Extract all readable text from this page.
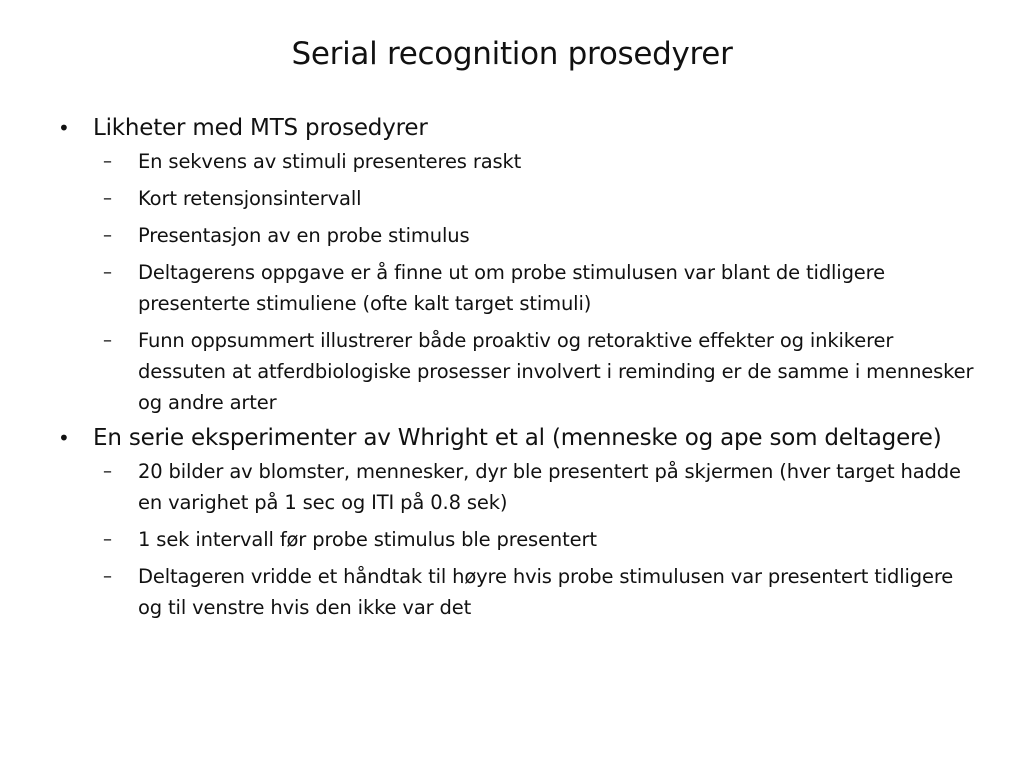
Serial recognition prosedyrer
• Likheter med MTS prosedyrer
– En sekvens av stimuli presenteres raskt
– Kort retensjonsintervall
– Presentasjon av en probe stimulus
– Deltagerens oppgave er å finne ut om probe stimulusen var blant de tidligere presenterte stimuliene (ofte kalt target stimuli)
– Funn oppsummert illustrerer både proaktiv og retoraktive effekter og inkikerer dessuten at atferdbiologiske prosesser involvert i reminding er de samme i mennesker og andre arter
• En serie eksperimenter av Whright et al (menneske og ape som deltagere)
– 20 bilder av blomster, mennesker, dyr ble presentert på skjermen (hver target hadde en varighet på 1 sec og ITI på 0.8 sek)
– 1 sek intervall før probe stimulus ble presentert
– Deltageren vridde et håndtak til høyre hvis probe stimulusen var presentert tidligere og til venstre hvis den ikke var det
